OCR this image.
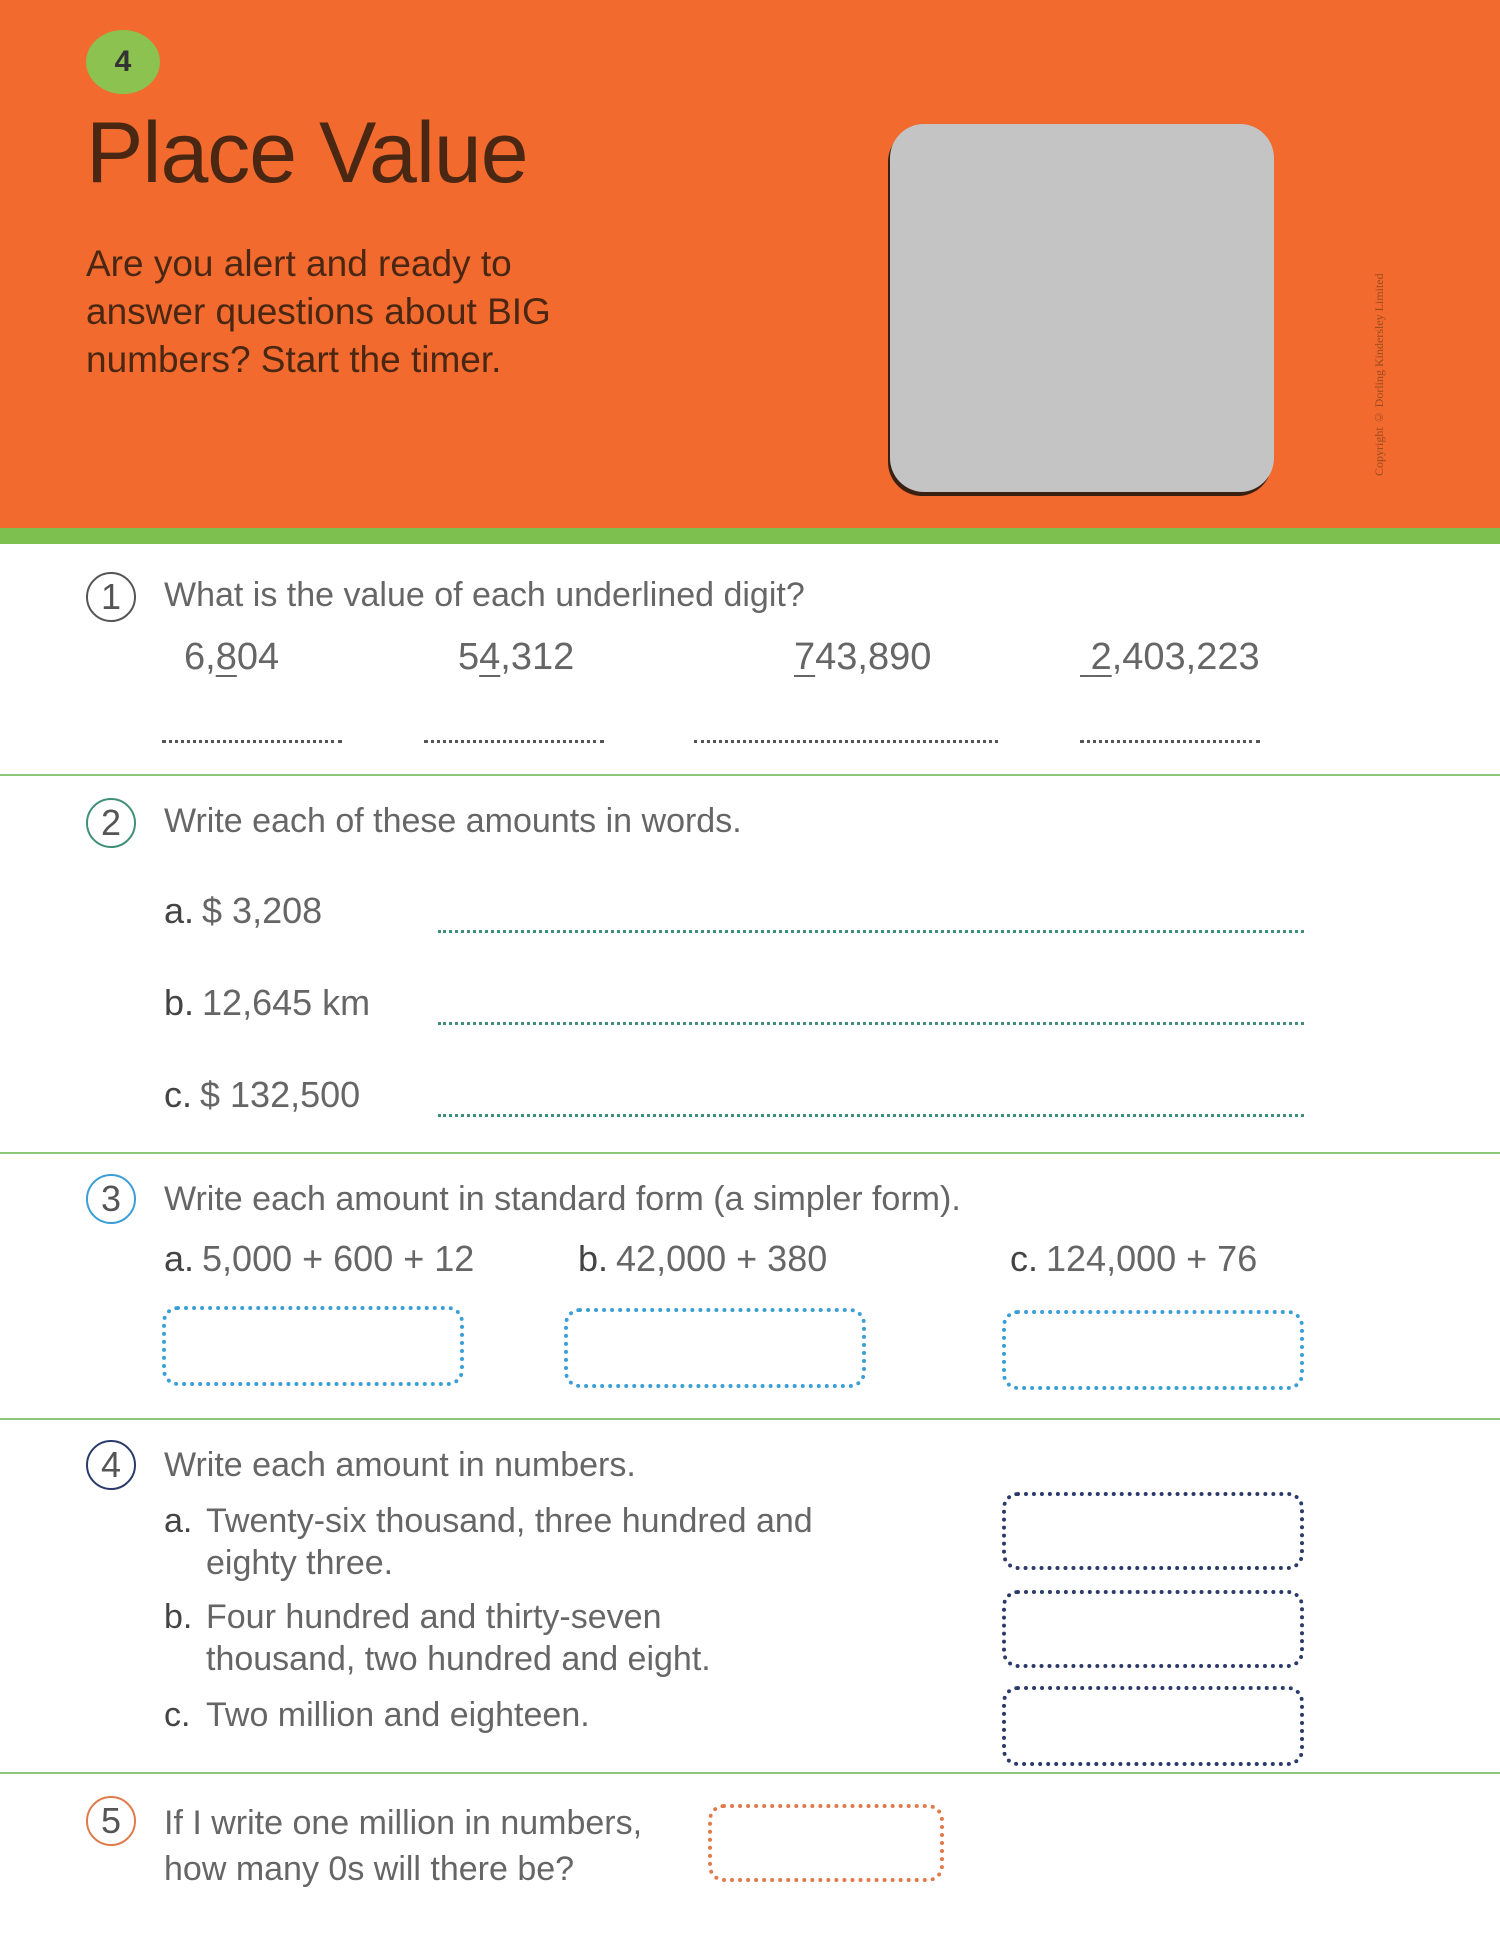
4
Place Value
Are you alert and ready to answer questions about BIG numbers? Start the timer.	Copyright © Dorling Kindersley Limited
1	What is the value of each underlined digit?
6,804	54,312	743,890	2,403,223
2	Write each of these amounts in words.
a. $ 3,208
b. 12,645 km
c. $ 132,500
3	Write each amount in standard form (a simpler form).
a. 5,000 + 600 + 12	b. 42,000 + 380	c. 124,000 + 76
4	Write each amount in numbers.
a. Twenty-six thousand, three hundred and eighty three.
b. Four hundred and thirty-seven thousand, two hundred and eight.
c. Two million and eighteen.
5	If I write one million in numbers,
how many 0s will there be?
